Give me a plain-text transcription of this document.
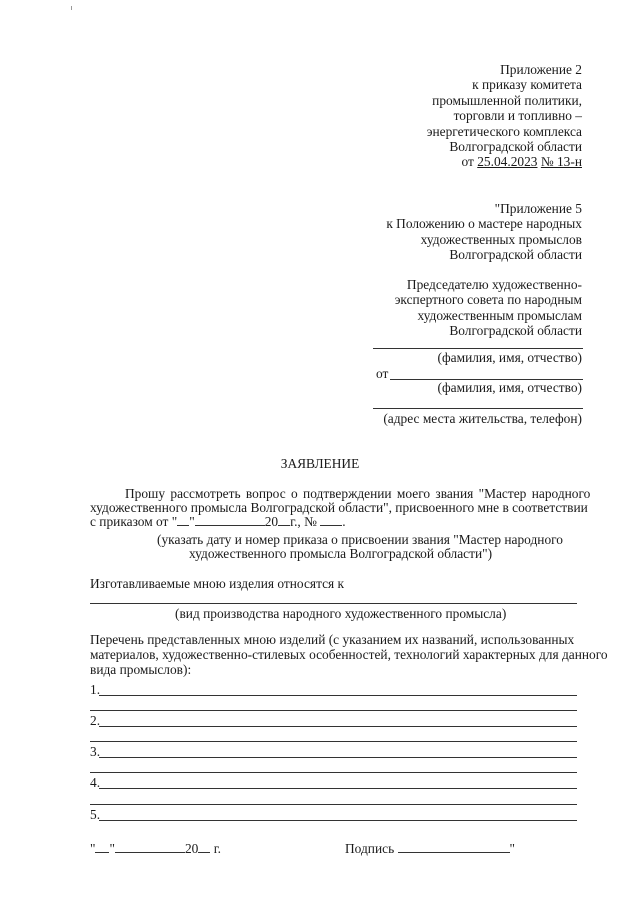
Приложение 2
к приказу комитета
промышленной политики,
торговли и топливно –
энергетического комплекса
Волгоградской области
от 25.04.2023 № 13-н
"Приложение 5
к Положению о мастере народных
художественных промыслов
Волгоградской области
Председателю художественно-
экспертного совета по народным
художественным промыслам
Волгоградской области
(фамилия, имя, отчество)
от
(фамилия, имя, отчество)
(адрес места жительства, телефон)
ЗАЯВЛЕНИЕ
Прошу рассмотреть вопрос о подтверждении моего звания "Мастер народного
художественного промысла Волгоградской области", присвоенного мне в соответствии
с приказом от " "	20 г., № .
(указать дату и номер приказа о присвоении звания "Мастер народного
художественного промысла Волгоградской области")
Изготавливаемые мною изделия относятся к
(вид производства народного художественного промысла)
Перечень представленных мною изделий (с указанием их названий, использованных
материалов, художественно-стилевых особенностей, технологий характерных для данного
вида промыслов):
1.
2.
3.
4.
5.
" "	20 г.	Подпись	"
